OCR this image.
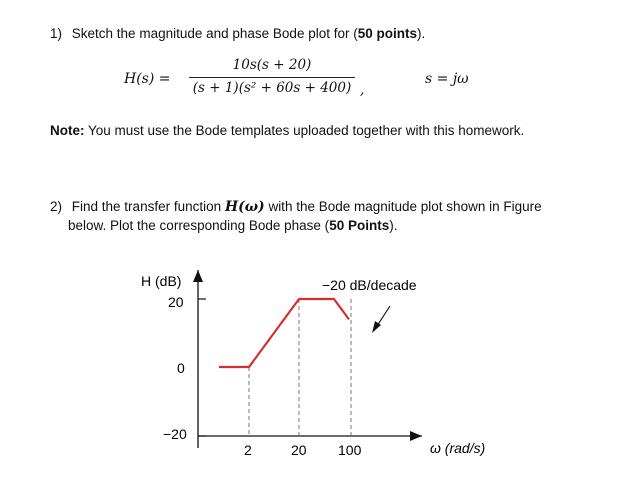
1) Sketch the magnitude and phase Bode plot for (50 points).
H(s) =
10s(s + 20)
(s + 1)(s² + 60s + 400) ,
s = jω
Note: You must use the Bode templates uploaded together with this homework.
2) Find the transfer function H(ω) with the Bode magnitude plot shown in Figure
below. Plot the corresponding Bode phase (50 Points).
H (dB)
20
0
−20
2	20 100	ω (rad/s)
−20 dB/decade
